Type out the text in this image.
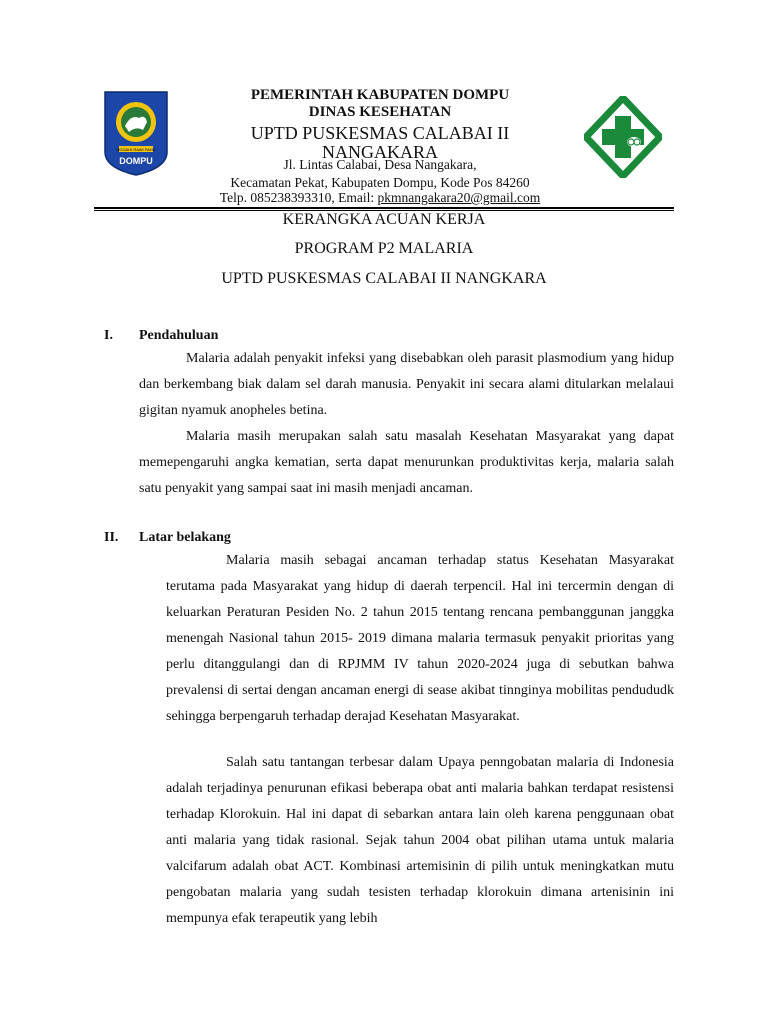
NGGAHI RAWI PAHU
DOMPU
PEMERINTAH KABUPATEN DOMPU
DINAS KESEHATAN
UPTD PUSKESMAS CALABAI II
NANGAKARA
Jl. Lintas Calabai, Desa Nangakara,
Kecamatan Pekat, Kabupaten Dompu, Kode Pos 84260
Telp. 085238393310, Email: pkmnangakara20@gmail.com
KERANGKA ACUAN KERJA
PROGRAM P2 MALARIA
UPTD PUSKESMAS CALABAI II NANGKARA
I. Pendahuluan

Malaria adalah penyakit infeksi yang disebabkan oleh parasit plasmodium yang hidup dan berkembang biak dalam sel darah manusia. Penyakit ini secara alami ditularkan melalaui gigitan nyamuk anopheles betina.

Malaria masih merupakan salah satu masalah Kesehatan Masyarakat yang dapat memepengaruhi angka kematian, serta dapat menurunkan produktivitas kerja, malaria salah satu penyakit yang sampai saat ini masih menjadi ancaman.

II. Latar belakang

Malaria masih sebagai ancaman terhadap status Kesehatan Masyarakat terutama pada Masyarakat yang hidup di daerah terpencil. Hal ini tercermin dengan di keluarkan Peraturan Pesiden No. 2 tahun 2015 tentang rencana pembanggunan janggka menengah Nasional tahun 2015- 2019 dimana malaria termasuk penyakit prioritas yang perlu ditanggulangi dan di RPJMM IV tahun 2020-2024 juga di sebutkan bahwa prevalensi di sertai dengan ancaman energi di sease akibat tinnginya mobilitas pendududk sehingga berpengaruh terhadap derajad Kesehatan Masyarakat.

Salah satu tantangan terbesar dalam Upaya penngobatan malaria di Indonesia adalah terjadinya penurunan efikasi beberapa obat anti malaria bahkan terdapat resistensi terhadap Klorokuin. Hal ini dapat di sebarkan antara lain oleh karena penggunaan obat anti malaria yang tidak rasional. Sejak tahun 2004 obat pilihan utama untuk malaria valcifarum adalah obat ACT. Kombinasi artemisinin di pilih untuk meningkatkan mutu pengobatan malaria yang sudah tesisten terhadap klorokuin dimana artenisinin ini mempunya efak terapeutik yang lebih
